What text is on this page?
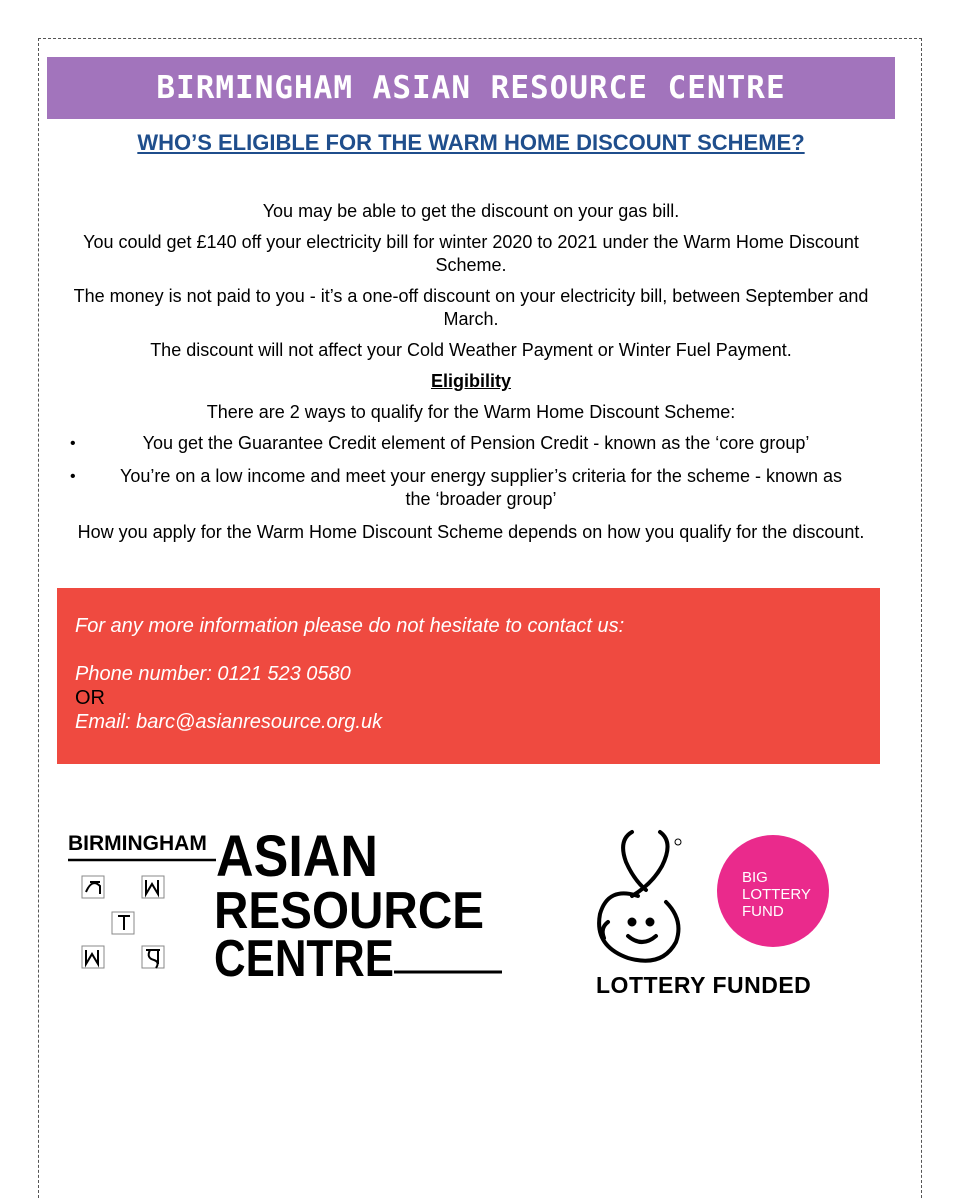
BIRMINGHAM ASIAN RESOURCE CENTRE
WHO’S ELIGIBLE FOR THE WARM HOME DISCOUNT SCHEME?

You may be able to get the discount on your gas bill.

You could get £140 off your electricity bill for winter 2020 to 2021 under the Warm Home Discount Scheme.

The money is not paid to you - it’s a one-off discount on your electricity bill, between September and March.

The discount will not affect your Cold Weather Payment or Winter Fuel Payment.

Eligibility

There are 2 ways to qualify for the Warm Home Discount Scheme:

• You get the Guarantee Credit element of Pension Credit - known as the ‘core group’
• You’re on a low income and meet your energy supplier’s criteria for the scheme - known as the ‘broader group’

How you apply for the Warm Home Discount Scheme depends on how you qualify for the discount.

For any more information please do not hesitate to contact us:
Phone number: 0121 523 0580
OR
Email: barc@asianresource.org.uk
BIRMINGHAM ASIAN
RESOURCE
CENTRE
BIG
LOTTERY
FUND
LOTTERY FUNDED
